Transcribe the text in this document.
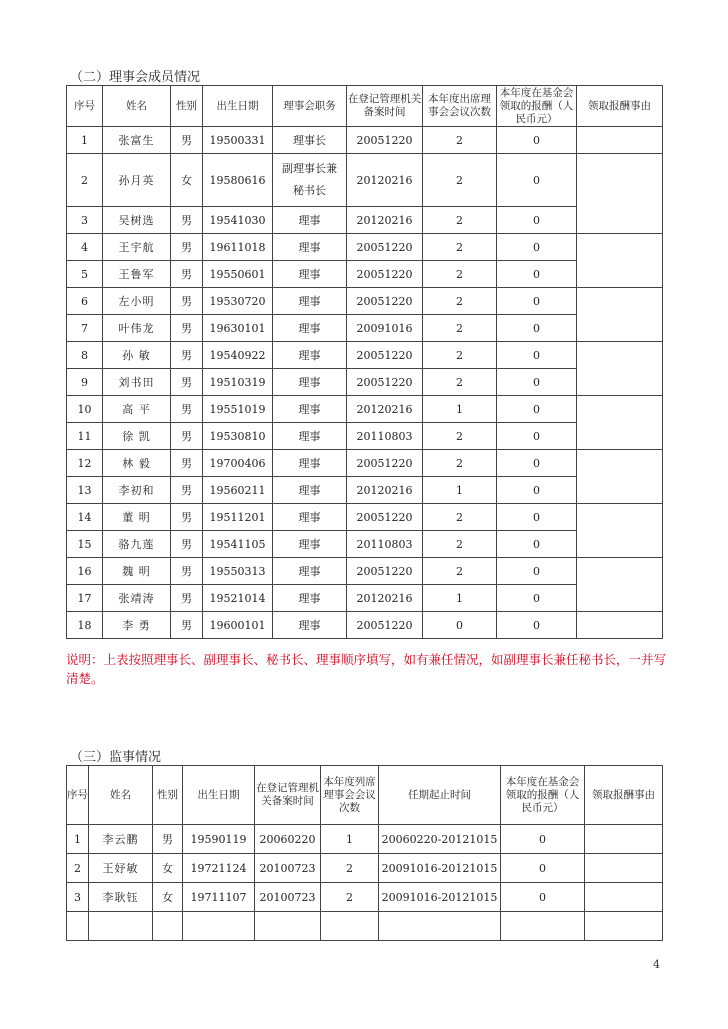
（二）理事会成员情况
序号	姓名	性别	出生日期	理事会职务	在登记管理机关备案时间	本年度出席理事会会议次数	本年度在基金会领取的报酬（人民币元）	领取报酬事由
1	张富生	男	19500331	理事长	20051220	2	0	
2	孙月英	女	19580616	副理事长兼秘书长	20120216	2	0	
3	吴树选	男	19541030	理事	20120216	2	0	
4	王宇航	男	19611018	理事	20051220	2	0	
5	王鲁军	男	19550601	理事	20051220	2	0	
6	左小明	男	19530720	理事	20051220	2	0	
7	叶伟龙	男	19630101	理事	20091016	2	0	
8	孙 敏	男	19540922	理事	20051220	2	0	
9	刘书田	男	19510319	理事	20051220	2	0	
10	高 平	男	19551019	理事	20120216	1	0	
11	徐 凯	男	19530810	理事	20110803	2	0	
12	林 毅	男	19700406	理事	20051220	2	0	
13	李初和	男	19560211	理事	20120216	1	0	
14	董 明	男	19511201	理事	20051220	2	0	
15	骆九莲	男	19541105	理事	20110803	2	0	
16	魏 明	男	19550313	理事	20051220	2	0	
17	张靖涛	男	19521014	理事	20120216	1	0	
18	李 勇	男	19600101	理事	20051220	0	0	
说明：上表按照理事长、副理事长、秘书长、理事顺序填写，如有兼任情况，如副理事长兼任秘书长，一并写清楚。
（三）监事情况
序号	姓名	性别	出生日期	在登记管理机关备案时间	本年度列席理事会会议次数	任期起止时间	本年度在基金会领取的报酬（人民币元）	领取报酬事由
1	李云鹏	男	19590119	20060220	1	20060220-20121015	0	
2	王妤敏	女	19721124	20100723	2	20091016-20121015	0	
3	李耿钰	女	19711107	20100723	2	20091016-20121015	0	

4
